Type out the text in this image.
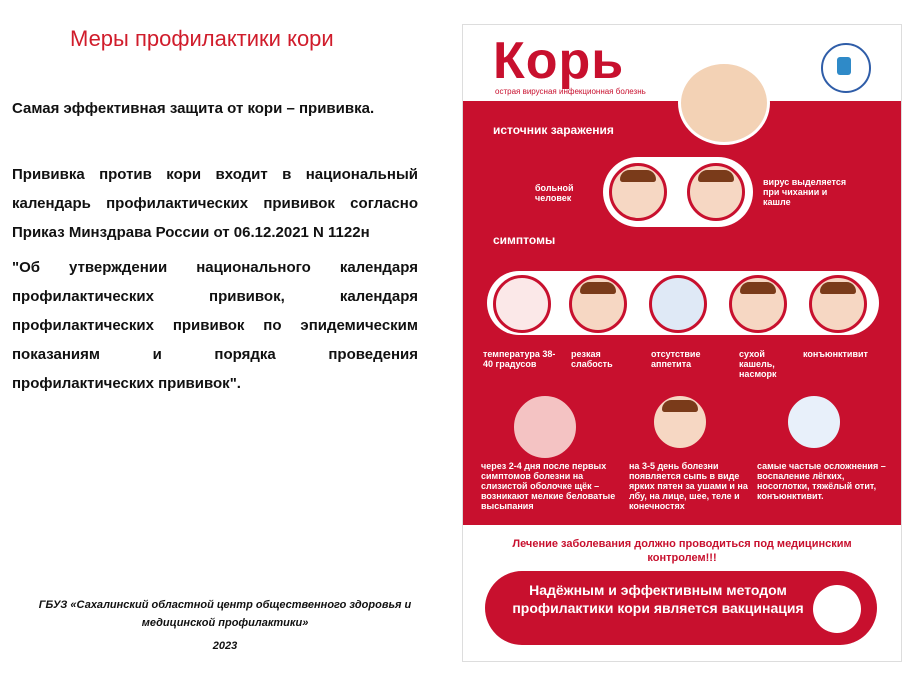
Меры профилактики кори
Самая эффективная защита от кори – прививка.
Прививка против кори входит в национальный календарь профилактических прививок согласно Приказ Минздрава России от 06.12.2021 N 1122н
"Об утверждении национального календаря профилактических прививок, календаря профилактических прививок по эпидемическим показаниям и порядка проведения профилактических прививок".
ГБУЗ «Сахалинский областной центр общественного здоровья и медицинской профилактики»
2023
Корь
острая вирусная инфекционная болезнь
источник заражения
больной человек
вирус выделяется при чихании и кашле
симптомы
температура 38-40 градусов
резкая слабость
отсутствие аппетита
сухой кашель, насморк
конъюнктивит
через 2-4 дня после первых симптомов болезни на слизистой оболочке щёк – возникают мелкие беловатые высыпания
на 3-5 день болезни появляется сыпь в виде ярких пятен за ушами и на лбу, на лице, шее, теле и конечностях
самые частые осложнения – воспаление лёгких, носоглотки, тяжёлый отит, конъюнктивит.
Лечение заболевания должно проводиться под медицинским контролем!!!
Надёжным и эффективным методом профилактики кори является вакцинация
